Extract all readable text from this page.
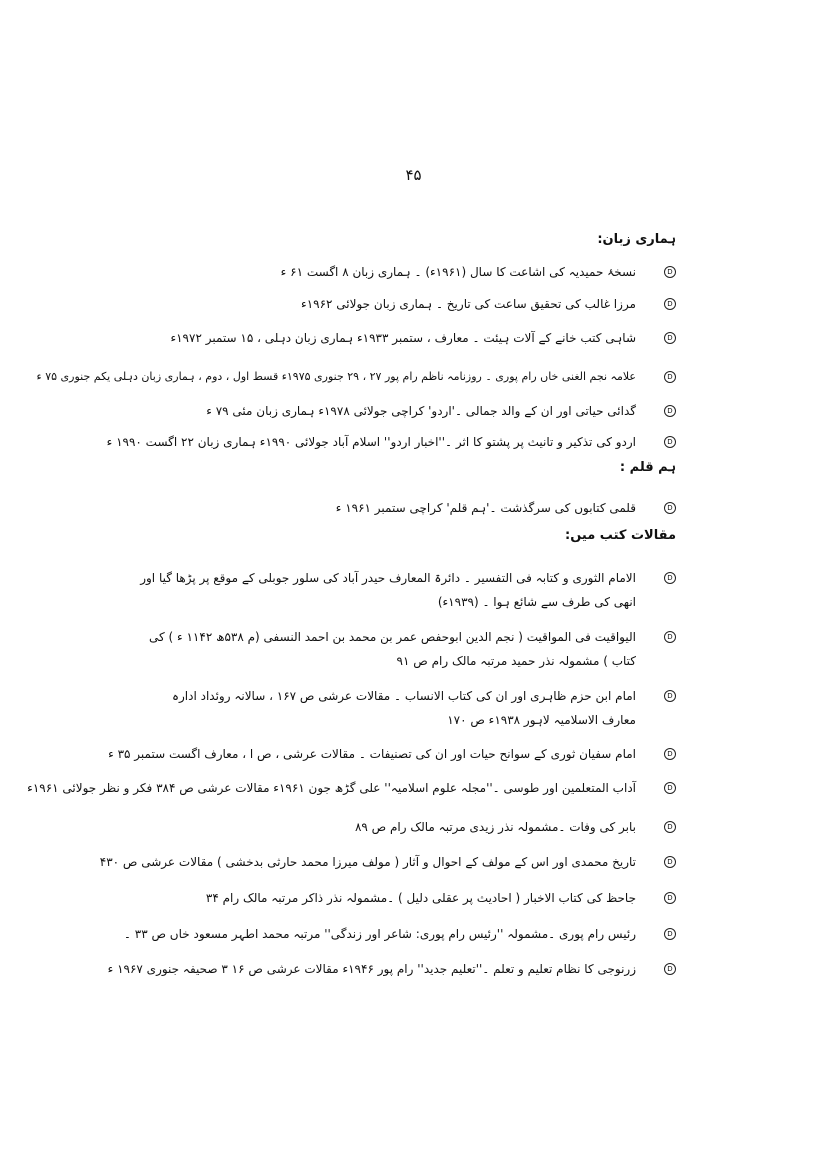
۴۵
ہماری زبان:
D
نسخۂ حمیدیہ کی اشاعت کا سال (۱۹۶۱ء) ۔ ہماری زبان ۸ اگست ۶۱ ء
D
مرزا غالب کی تحقیق ساعت کی تاریخ ۔ ہماری زبان جولائی ۱۹۶۲ء
D
شاہی کتب خانے کے آلات ہیئت ۔ معارف ، ستمبر ۱۹۳۳ء ہماری زبان دہلی ، ۱۵ ستمبر ۱۹۷۲ء
D
علامہ نجم الغنی خاں رام پوری ۔ روزنامہ ناظم رام پور ۲۷ ، ۲۹ جنوری ۱۹۷۵ء قسط اول ، دوم ، ہماری زبان دہلی یکم جنوری ۷۵ ء
D
گدائی حیاتی اور ان کے والد جمالی ۔'اردو' کراچی جولائی ۱۹۷۸ء ہماری زبان مئی ۷۹ ء
D
اردو کی تذکیر و تانیث پر پشتو کا اثر ۔''اخبار اردو'' اسلام آباد جولائی ۱۹۹۰ء ہماری زبان ۲۲ اگست ۱۹۹۰ ء
ہم قلم :
D
قلمی کتابوں کی سرگذشت ۔'ہم قلم' کراچی ستمبر ۱۹۶۱ ء
مقالات کتب میں:
D
الامام الثوری و کتابہ فی التفسیر ۔ دائرۃ المعارف حیدر آباد کی سلور جوبلی کے موقع پر پڑھا گیا اور انھی کی طرف سے شائع ہوا ۔ (۱۹۳۹ء)
D
الیواقیت فی المواقیت ( نجم الدین ابوحفص عمر بن محمد بن احمد النسفی (م ۵۳۸ھ ۱۱۴۲ ء ) کی کتاب ) مشمولہ نذر حمید مرتبہ مالک رام ص ۹۱
D
امام ابن حزم ظاہری اور ان کی کتاب الانساب ۔ مقالات عرشی ص ۱۶۷ ، سالانہ روئداد ادارہ معارف الاسلامیہ لاہور ۱۹۳۸ء ص ۱۷۰
D
امام سفیان ثوری کے سوانح حیات اور ان کی تصنیفات ۔ مقالات عرشی ، ص ا ، معارف اگست ستمبر ۳۵ ء
D
آداب المتعلمین اور طوسی ۔''مجلہ علوم اسلامیہ'' علی گڑھ جون ۱۹۶۱ء مقالات عرشی ص ۳۸۴ فکر و نظر جولائی ۱۹۶۱ء
D
بابر کی وفات ۔مشمولہ نذر زیدی مرتبہ مالک رام ص ۸۹
D
تاریخ محمدی اور اس کے مولف کے احوال و آثار ( مولف میرزا محمد حارثی بدخشی ) مقالات عرشی ص ۴۳۰
D
جاحظ کی کتاب الاخبار ( احادیث پر عقلی دلیل ) ۔مشمولہ نذر ذاکر مرتبہ مالک رام ۳۴
D
رئیس رام پوری ۔مشمولہ ''رئیس رام پوری: شاعر اور زندگی'' مرتبہ محمد اطہر مسعود خاں ص ۳۳ ۔
D
زرنوجی کا نظام تعلیم و تعلم ۔''تعلیم جدید'' رام پور ۱۹۴۶ء مقالات عرشی ص ۱۶ ۳ صحیفہ جنوری ۱۹۶۷ ء
